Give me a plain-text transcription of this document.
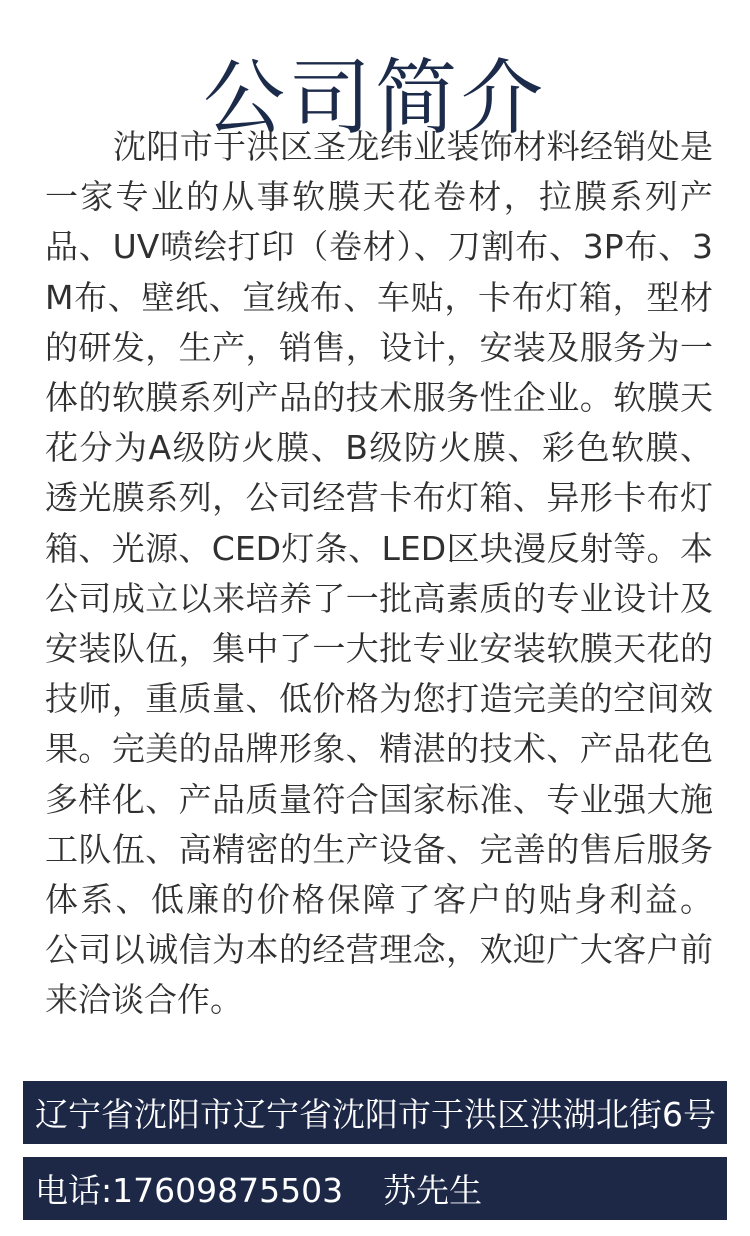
公司简介

沈阳市于洪区圣龙纬业装饰材料经销处是一家专业的从事软膜天花卷材，拉膜系列产品、UV喷绘打印（卷材）、刀割布、3P布、3M布、壁纸、宣绒布、车贴，卡布灯箱，型材的研发，生产，销售，设计，安装及服务为一体的软膜系列产品的技术服务性企业。软膜天花分为A级防火膜、B级防火膜、彩色软膜、透光膜系列，公司经营卡布灯箱、异形卡布灯箱、光源、CED灯条、LED区块漫反射等。本公司成立以来培养了一批高素质的专业设计及安装队伍，集中了一大批专业安装软膜天花的技师，重质量、低价格为您打造完美的空间效果。完美的品牌形象、精湛的技术、产品花色多样化、产品质量符合国家标准、专业强大施工队伍、高精密的生产设备、完善的售后服务体系、低廉的价格保障了客户的贴身利益。 公司以诚信为本的经营理念，欢迎广大客户前来洽谈合作。

辽宁省沈阳市辽宁省沈阳市于洪区洪湖北街6号
电话:17609875503 苏先生
